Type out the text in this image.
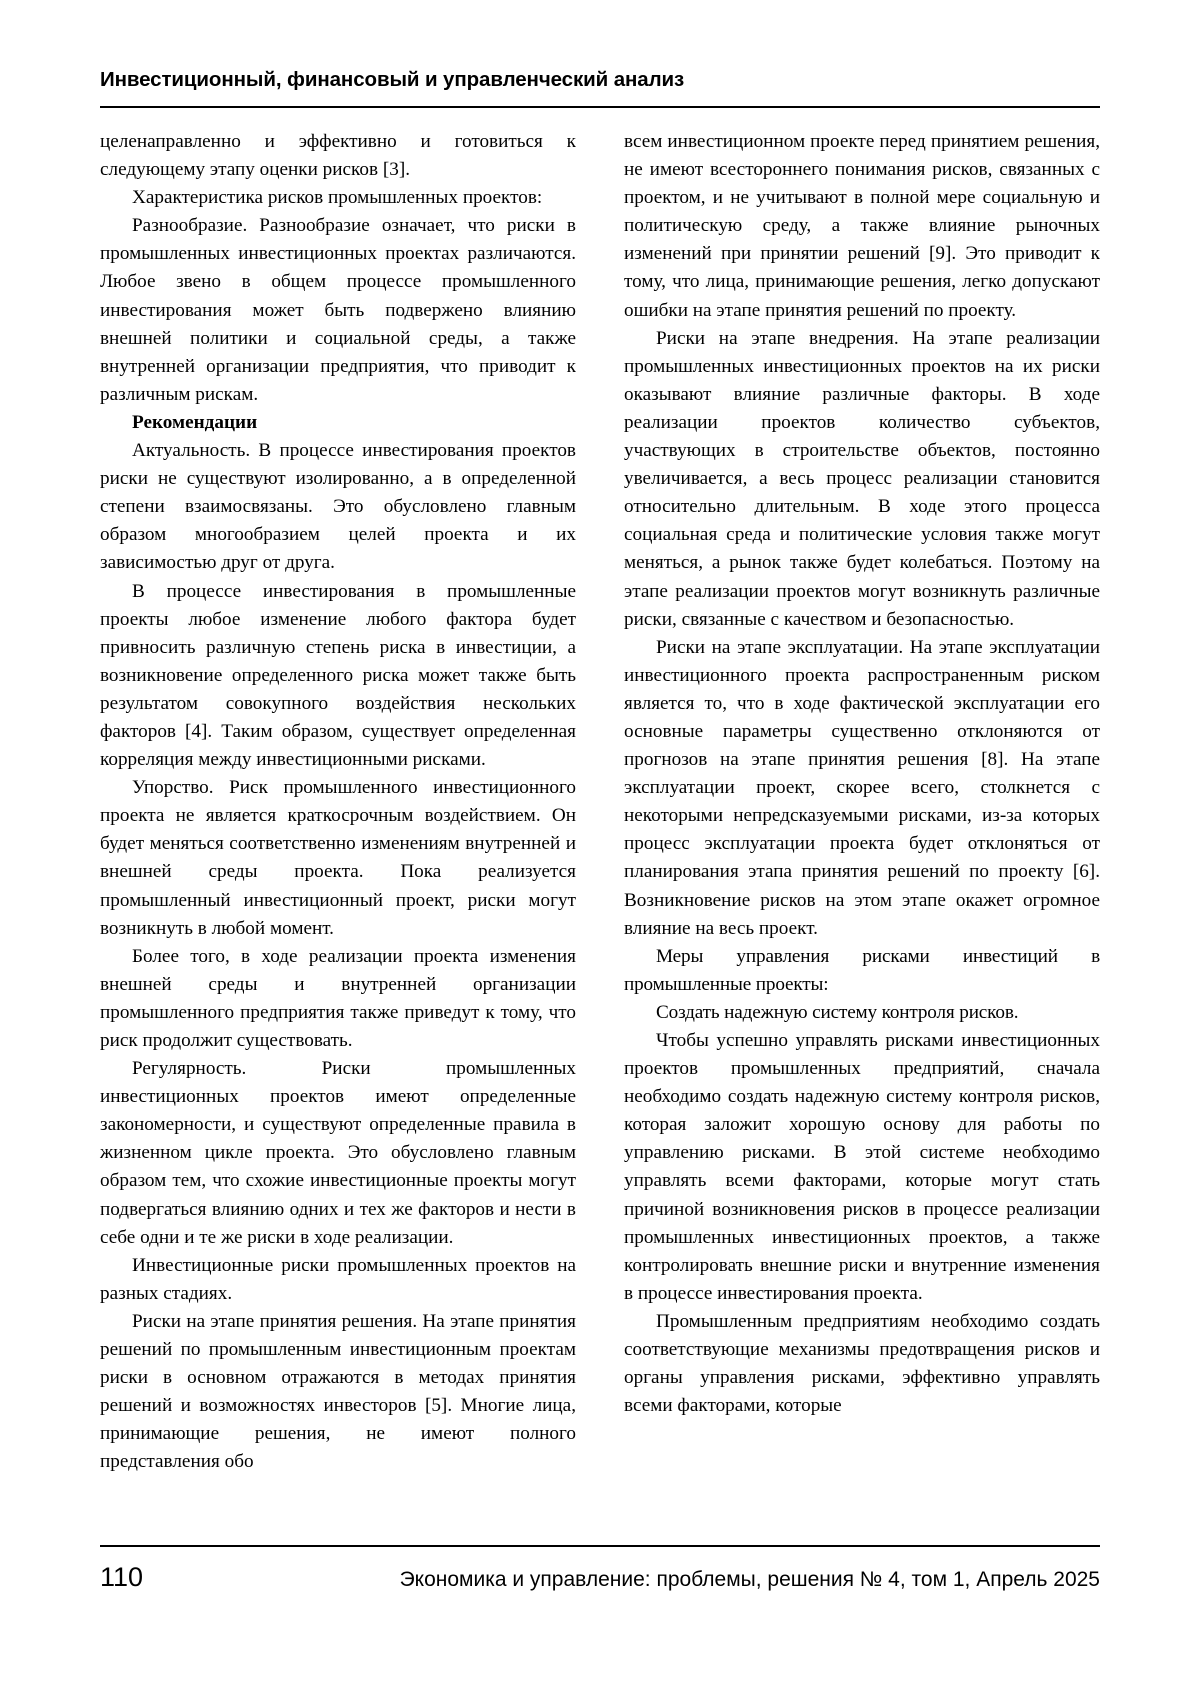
Инвестиционный, финансовый и управленческий анализ

целенаправленно и эффективно и готовиться к следующему этапу оценки рисков [3].

Характеристика рисков промышленных проектов:

Разнообразие. Разнообразие означает, что риски в промышленных инвестиционных проектах различаются. Любое звено в общем процессе промышленного инвестирования может быть подвержено влиянию внешней политики и социальной среды, а также внутренней организации предприятия, что приводит к различным рискам.

Рекомендации

Актуальность. В процессе инвестирования проектов риски не существуют изолированно, а в определенной степени взаимосвязаны. Это обусловлено главным образом многообразием целей проекта и их зависимостью друг от друга.

В процессе инвестирования в промышленные проекты любое изменение любого фактора будет привносить различную степень риска в инвестиции, а возникновение определенного риска может также быть результатом совокупного воздействия нескольких факторов [4]. Таким образом, существует определенная корреляция между инвестиционными рисками.

Упорство. Риск промышленного инвестиционного проекта не является краткосрочным воздействием. Он будет меняться соответственно изменениям внутренней и внешней среды проекта. Пока реализуется промышленный инвестиционный проект, риски могут возникнуть в любой момент.

Более того, в ходе реализации проекта изменения внешней среды и внутренней организации промышленного предприятия также приведут к тому, что риск продолжит существовать.

Регулярность. Риски промышленных инвестиционных проектов имеют определенные закономерности, и существуют определенные правила в жизненном цикле проекта. Это обусловлено главным образом тем, что схожие инвестиционные проекты могут подвергаться влиянию одних и тех же факторов и нести в себе одни и те же риски в ходе реализации.

Инвестиционные риски промышленных проектов на разных стадиях.

Риски на этапе принятия решения. На этапе принятия решений по промышленным инвестиционным проектам риски в основном отражаются в методах принятия решений и возможностях инвесторов [5]. Многие лица, принимающие решения, не имеют полного представления обо

всем инвестиционном проекте перед принятием решения, не имеют всестороннего понимания рисков, связанных с проектом, и не учитывают в полной мере социальную и политическую среду, а также влияние рыночных изменений при принятии решений [9]. Это приводит к тому, что лица, принимающие решения, легко допускают ошибки на этапе принятия решений по проекту.

Риски на этапе внедрения. На этапе реализации промышленных инвестиционных проектов на их риски оказывают влияние различные факторы. В ходе реализации проектов количество субъектов, участвующих в строительстве объектов, постоянно увеличивается, а весь процесс реализации становится относительно длительным. В ходе этого процесса социальная среда и политические условия также могут меняться, а рынок также будет колебаться. Поэтому на этапе реализации проектов могут возникнуть различные риски, связанные с качеством и безопасностью.

Риски на этапе эксплуатации. На этапе эксплуатации инвестиционного проекта распространенным риском является то, что в ходе фактической эксплуатации его основные параметры существенно отклоняются от прогнозов на этапе принятия решения [8]. На этапе эксплуатации проект, скорее всего, столкнется с некоторыми непредсказуемыми рисками, из-за которых процесс эксплуатации проекта будет отклоняться от планирования этапа принятия решений по проекту [6]. Возникновение рисков на этом этапе окажет огромное влияние на весь проект.

Меры управления рисками инвестиций в промышленные проекты:

Создать надежную систему контроля рисков.

Чтобы успешно управлять рисками инвестиционных проектов промышленных предприятий, сначала необходимо создать надежную систему контроля рисков, которая заложит хорошую основу для работы по управлению рисками. В этой системе необходимо управлять всеми факторами, которые могут стать причиной возникновения рисков в процессе реализации промышленных инвестиционных проектов, а также контролировать внешние риски и внутренние изменения в процессе инвестирования проекта.

Промышленным предприятиям необходимо создать соответствующие механизмы предотвращения рисков и органы управления рисками, эффективно управлять всеми факторами, которые

110	Экономика и управление: проблемы, решения № 4, том 1, Апрель 2025
